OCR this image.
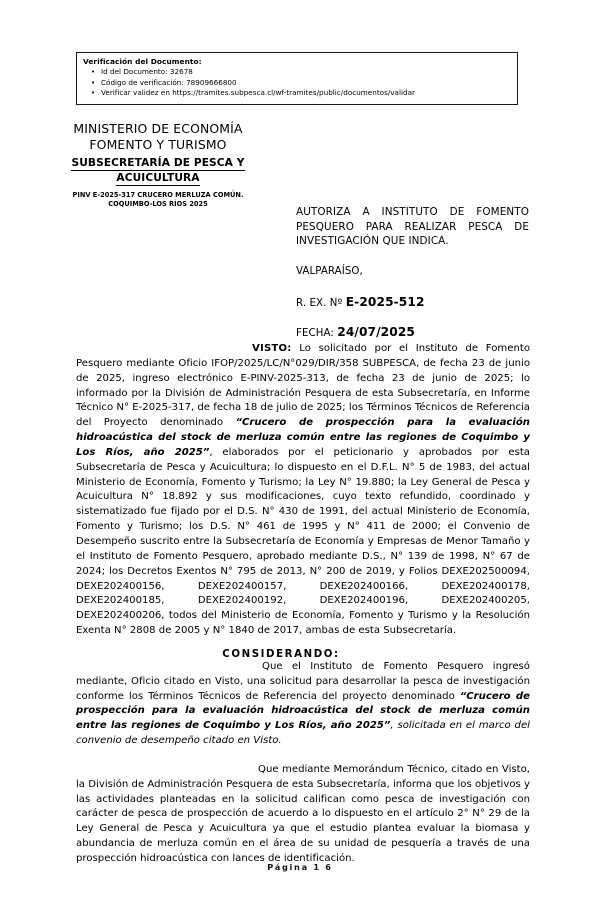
Verificación del Documento:
• Id del Documento: 32678
• Código de verificación: 78909666800
• Verificar validez en https://tramites.subpesca.cl/wf-tramites/public/documentos/validar
MINISTERIO DE ECONOMÍA
FOMENTO Y TURISMO
SUBSECRETARÍA DE PESCA Y
ACUICULTURA
PINV E-2025-317 CRUCERO MERLUZA COMÚN.
COQUIMBO-LOS RÍOS 2025
AUTORIZA A INSTITUTO DE FOMENTO PESQUERO PARA REALIZAR PESCA DE INVESTIGACIÓN QUE INDICA.
VALPARAÍSO,
R. EX. Nº E-2025-512
FECHA: 24/07/2025

VISTO: Lo solicitado por el Instituto de Fomento Pesquero mediante Oficio IFOP/2025/LC/N°029/DIR/358 SUBPESCA, de fecha 23 de junio de 2025, ingreso electrónico E-PINV-2025-313, de fecha 23 de junio de 2025; lo informado por la División de Administración Pesquera de esta Subsecretaría, en Informe Técnico N° E-2025-317, de fecha 18 de julio de 2025; los Términos Técnicos de Referencia del Proyecto denominado “Crucero de prospección para la evaluación hidroacústica del stock de merluza común entre las regiones de Coquimbo y Los Ríos, año 2025”, elaborados por el peticionario y aprobados por esta Subsecretaría de Pesca y Acuicultura; lo dispuesto en el D.F.L. N° 5 de 1983, del actual Ministerio de Economía, Fomento y Turismo; la Ley N° 19.880; la Ley General de Pesca y Acuicultura N° 18.892 y sus modificaciones, cuyo texto refundido, coordinado y sistematizado fue fijado por el D.S. N° 430 de 1991, del actual Ministerio de Economía, Fomento y Turismo; los D.S. N° 461 de 1995 y N° 411 de 2000; el Convenio de Desempeño suscrito entre la Subsecretaría de Economía y Empresas de Menor Tamaño y el Instituto de Fomento Pesquero, aprobado mediante D.S., N° 139 de 1998, N° 67 de 2024; los Decretos Exentos N° 795 de 2013, N° 200 de 2019, y Folios DEXE202500094, DEXE202400156, DEXE202400157, DEXE202400166, DEXE202400178, DEXE202400185, DEXE202400192, DEXE202400196, DEXE202400205, DEXE202400206, todos del Ministerio de Economía, Fomento y Turismo y la Resolución Exenta N° 2808 de 2005 y N° 1840 de 2017, ambas de esta Subsecretaría.

CONSIDERANDO:

Que el Instituto de Fomento Pesquero ingresó mediante, Oficio citado en Visto, una solicitud para desarrollar la pesca de investigación conforme los Términos Técnicos de Referencia del proyecto denominado “Crucero de prospección para la evaluación hidroacústica del stock de merluza común entre las regiones de Coquimbo y Los Ríos, año 2025”, solicitada en el marco del convenio de desempeño citado en Visto.

Que mediante Memorándum Técnico, citado en Visto, la División de Administración Pesquera de esta Subsecretaría, informa que los objetivos y las actividades planteadas en la solicitud califican como pesca de investigación con carácter de pesca de prospección de acuerdo a lo dispuesto en el artículo 2° N° 29 de la Ley General de Pesca y Acuicultura ya que el estudio plantea evaluar la biomasa y abundancia de merluza común en el área de su unidad de pesquería a través de una prospección hidroacústica con lances de identificación.

Página 1 6
